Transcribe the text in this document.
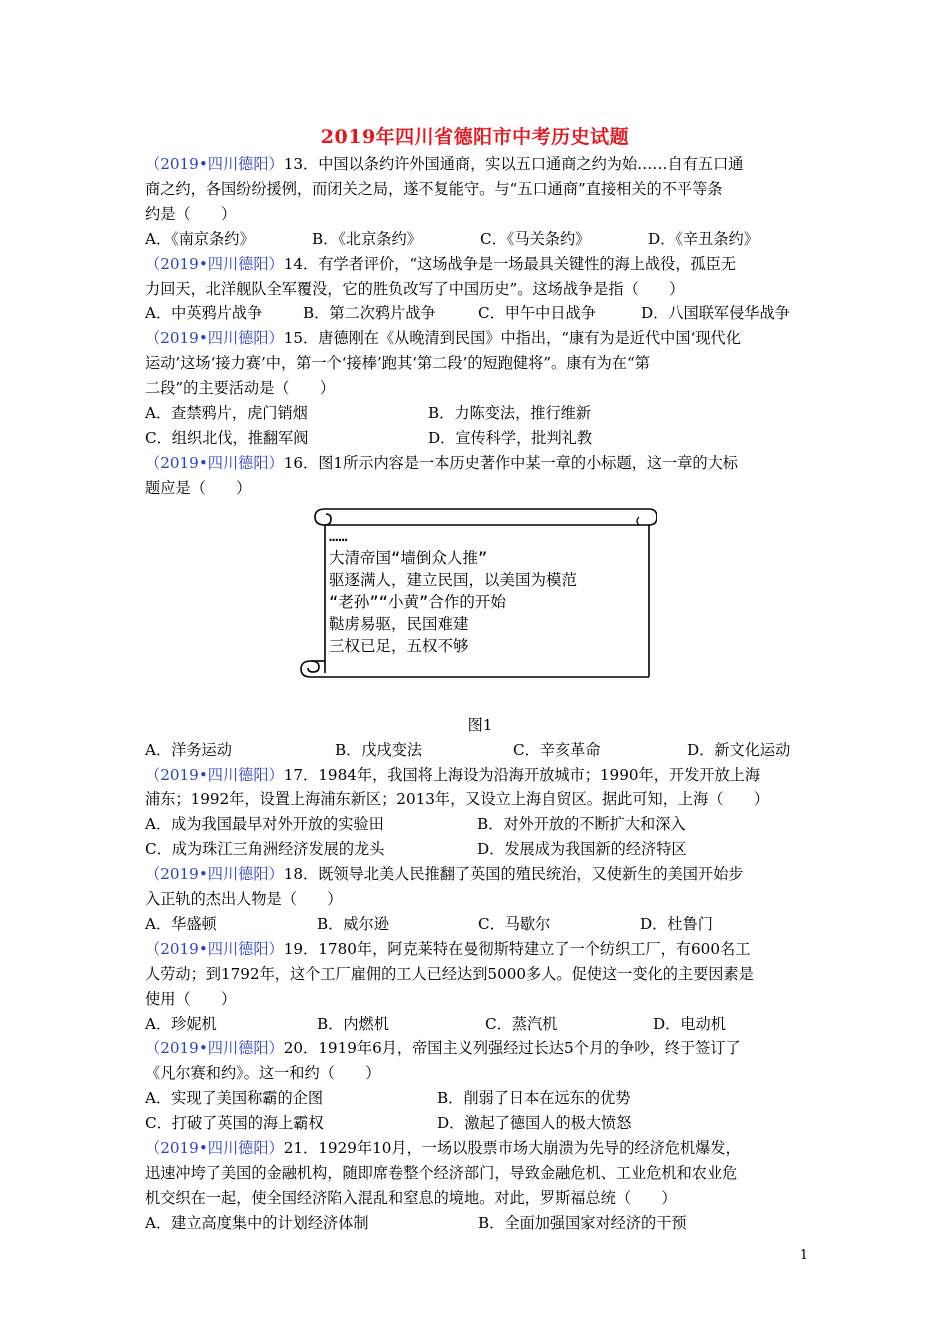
2019年四川省德阳市中考历史试题
（2019•四川德阳）13．中国以条约许外国通商，实以五口通商之约为始……自有五口通
商之约，各国纷纷援例，而闭关之局，遂不复能守。与“五口通商”直接相关的不平等条
约是（　　）
A．《南京条约》	B．《北京条约》	C．《马关条约》	D．《辛丑条约》
（2019•四川德阳）14．有学者评价，“这场战争是一场最具关键性的海上战役，孤臣无
力回天，北洋舰队全军覆没，它的胜负改写了中国历史”。这场战争是指（　　）
A．中英鸦片战争	B．第二次鸦片战争	C．甲午中日战争	D．八国联军侵华战争
（2019•四川德阳）15．唐德刚在《从晚清到民国》中指出，“康有为是近代中国‘现代化
运动’这场‘接力赛’中，第一个‘接棒’跑其‘第二段’的短跑健将”。康有为在“第
二段”的主要活动是（　　）
A．查禁鸦片，虎门销烟	B．力陈变法，推行维新
C．组织北伐，推翻军阀	D．宣传科学，批判礼教
（2019•四川德阳）16．图1所示内容是一本历史著作中某一章的小标题，这一章的大标
题应是（　　）
……
大清帝国“墙倒众人推”
驱逐满人，建立民国，以美国为模范
“老孙”“小黄”合作的开始
鞑虏易驱，民国难建
三权已足，五权不够
图1
A．洋务运动	B．戊戌变法	C．辛亥革命	D．新文化运动
（2019•四川德阳）17．1984年，我国将上海设为沿海开放城市；1990年，开发开放上海
浦东；1992年，设置上海浦东新区；2013年，又设立上海自贸区。据此可知，上海（　　）
A．成为我国最早对外开放的实验田	B．对外开放的不断扩大和深入
C．成为珠江三角洲经济发展的龙头	D．发展成为我国新的经济特区
（2019•四川德阳）18．既领导北美人民推翻了英国的殖民统治，又使新生的美国开始步
入正轨的杰出人物是（　　）
A．华盛顿	B．威尔逊	C．马歇尔	D．杜鲁门
（2019•四川德阳）19．1780年，阿克莱特在曼彻斯特建立了一个纺织工厂，有600名工
人劳动；到1792年，这个工厂雇佣的工人已经达到5000多人。促使这一变化的主要因素是
使用（　　）
A．珍妮机	B．内燃机	C．蒸汽机	D．电动机
（2019•四川德阳）20．1919年6月，帝国主义列强经过长达5个月的争吵，终于签订了
《凡尔赛和约》。这一和约（　　）
A．实现了美国称霸的企图	B．削弱了日本在远东的优势
C．打破了英国的海上霸权	D．激起了德国人的极大愤怒
（2019•四川德阳）21．1929年10月，一场以股票市场大崩溃为先导的经济危机爆发，
迅速冲垮了美国的金融机构，随即席卷整个经济部门，导致金融危机、工业危机和农业危
机交织在一起，使全国经济陷入混乱和窒息的境地。对此，罗斯福总统（　　）
A．建立高度集中的计划经济体制	B．全面加强国家对经济的干预
1
